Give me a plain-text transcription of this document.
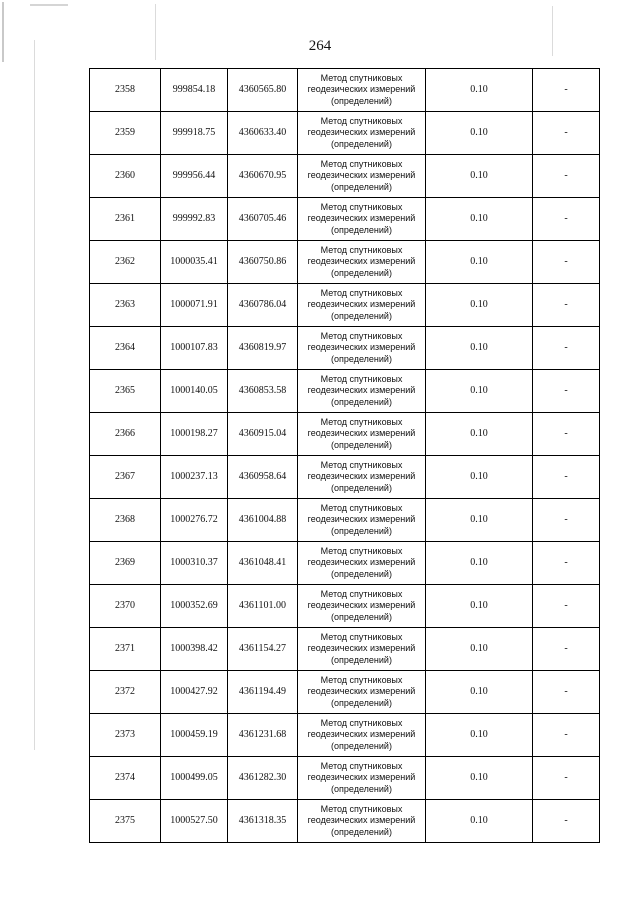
264
2358	999854.18	4360565.80	Метод спутниковых
геодезических измерений
(определений)	0.10	-
2359	999918.75	4360633.40	Метод спутниковых
геодезических измерений
(определений)	0.10	-
2360	999956.44	4360670.95	Метод спутниковых
геодезических измерений
(определений)	0.10	-
2361	999992.83	4360705.46	Метод спутниковых
геодезических измерений
(определений)	0.10	-
2362	1000035.41	4360750.86	Метод спутниковых
геодезических измерений
(определений)	0.10	-
2363	1000071.91	4360786.04	Метод спутниковых
геодезических измерений
(определений)	0.10	-
2364	1000107.83	4360819.97	Метод спутниковых
геодезических измерений
(определений)	0.10	-
2365	1000140.05	4360853.58	Метод спутниковых
геодезических измерений
(определений)	0.10	-
2366	1000198.27	4360915.04	Метод спутниковых
геодезических измерений
(определений)	0.10	-
2367	1000237.13	4360958.64	Метод спутниковых
геодезических измерений
(определений)	0.10	-
2368	1000276.72	4361004.88	Метод спутниковых
геодезических измерений
(определений)	0.10	-
2369	1000310.37	4361048.41	Метод спутниковых
геодезических измерений
(определений)	0.10	-
2370	1000352.69	4361101.00	Метод спутниковых
геодезических измерений
(определений)	0.10	-
2371	1000398.42	4361154.27	Метод спутниковых
геодезических измерений
(определений)	0.10	-
2372	1000427.92	4361194.49	Метод спутниковых
геодезических измерений
(определений)	0.10	-
2373	1000459.19	4361231.68	Метод спутниковых
геодезических измерений
(определений)	0.10	-
2374	1000499.05	4361282.30	Метод спутниковых
геодезических измерений
(определений)	0.10	-
2375	1000527.50	4361318.35	Метод спутниковых
геодезических измерений
(определений)	0.10	-
